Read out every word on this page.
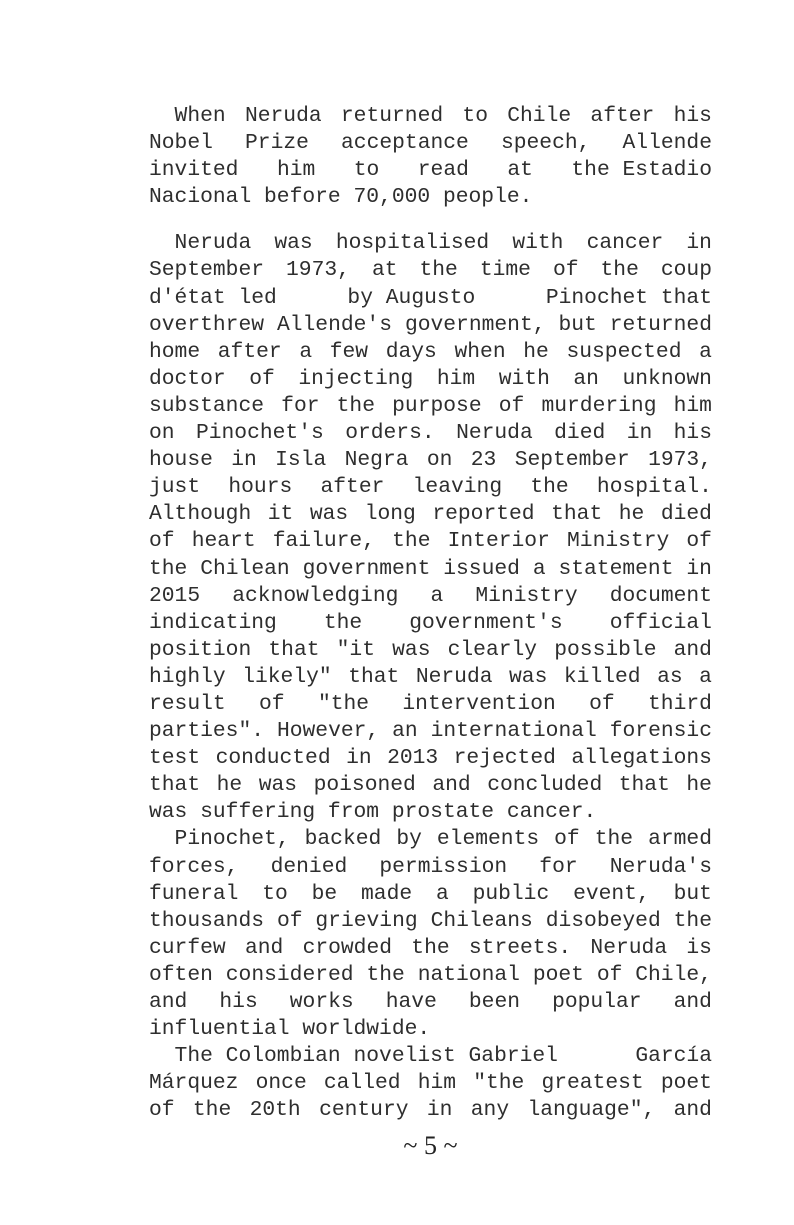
When Neruda returned to Chile after his
Nobel Prize acceptance speech, Allende
invited him to read at the Estadio
Nacional before 70,000 people.
Neruda was hospitalised with cancer in
September 1973, at the time of the coup
d'état led	by Augusto	Pinochet that
overthrew Allende's government, but returned
home after a few days when he suspected a
doctor of injecting him with an unknown
substance for the purpose of murdering him
on Pinochet's orders. Neruda died in his
house in Isla Negra on 23 September 1973,
just hours after leaving the hospital.
Although it was long reported that he died
of heart failure, the Interior Ministry of
the Chilean government issued a statement in
2015 acknowledging a Ministry document
indicating the government's official
position that "it was clearly possible and
highly likely" that Neruda was killed as a
result of "the intervention of third
parties". However, an international forensic
test conducted in 2013 rejected allegations
that he was poisoned and concluded that he
was suffering from prostate cancer.
Pinochet, backed by elements of the armed
forces, denied permission for Neruda's
funeral to be made a public event, but
thousands of grieving Chileans disobeyed the
curfew and crowded the streets. Neruda is
often considered the national poet of Chile,
and his works have been popular and
influential worldwide.
The Colombian novelist Gabriel	García
Márquez once called him "the greatest poet
of the 20th century in any language", and
~ 5 ~
